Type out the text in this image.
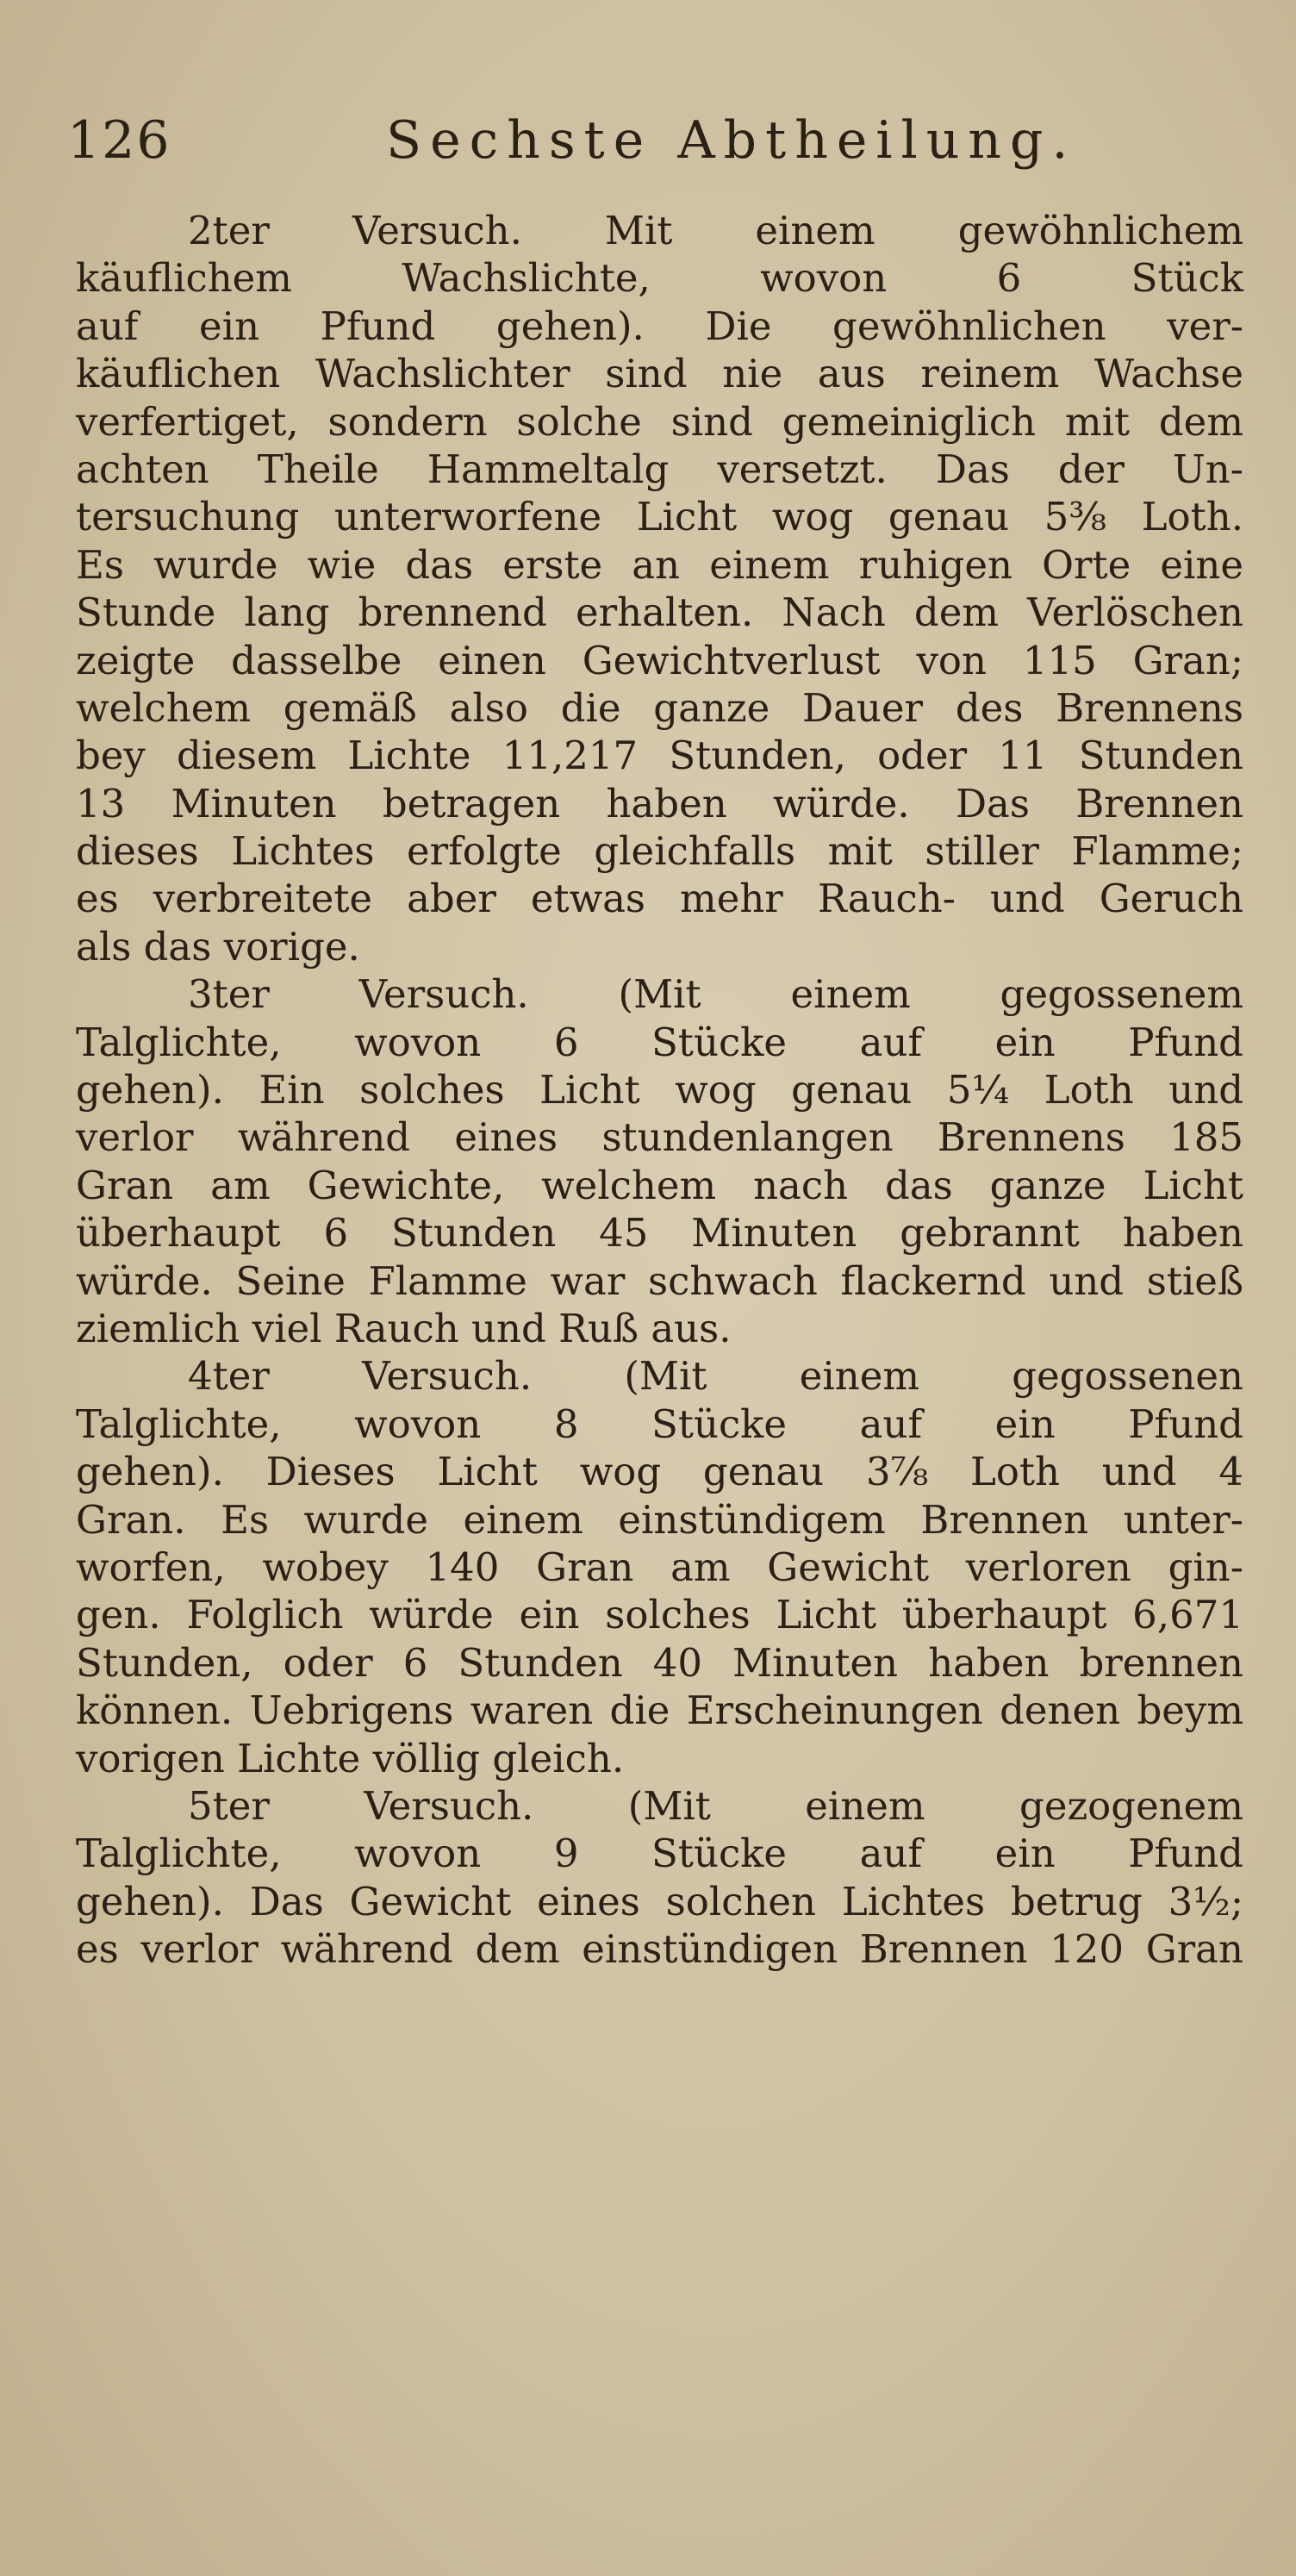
126	Sechste Abtheilung.
2ter Versuch. Mit einem gewöhnlichem
käuflichem Wachslichte, wovon 6 Stück
auf ein Pfund gehen). Die gewöhnlichen ver-
käuflichen Wachslichter sind nie aus reinem Wachse
verfertiget, sondern solche sind gemeiniglich mit dem
achten Theile Hammeltalg versetzt. Das der Un-
tersuchung unterworfene Licht wog genau 5⅜ Loth.
Es wurde wie das erste an einem ruhigen Orte eine
Stunde lang brennend erhalten. Nach dem Verlöschen
zeigte dasselbe einen Gewichtverlust von 115 Gran;
welchem gemäß also die ganze Dauer des Brennens
bey diesem Lichte 11,217 Stunden, oder 11 Stunden
13 Minuten betragen haben würde. Das Brennen
dieses Lichtes erfolgte gleichfalls mit stiller Flamme;
es verbreitete aber etwas mehr Rauch- und Geruch
als das vorige.
3ter Versuch. (Mit einem gegossenem
Talglichte, wovon 6 Stücke auf ein Pfund
gehen). Ein solches Licht wog genau 5¼ Loth und
verlor während eines stundenlangen Brennens 185
Gran am Gewichte, welchem nach das ganze Licht
überhaupt 6 Stunden 45 Minuten gebrannt haben
würde. Seine Flamme war schwach flackernd und stieß
ziemlich viel Rauch und Ruß aus.
4ter Versuch. (Mit einem gegossenen
Talglichte, wovon 8 Stücke auf ein Pfund
gehen). Dieses Licht wog genau 3⅞ Loth und 4
Gran. Es wurde einem einstündigem Brennen unter-
worfen, wobey 140 Gran am Gewicht verloren gin-
gen. Folglich würde ein solches Licht überhaupt 6,671
Stunden, oder 6 Stunden 40 Minuten haben brennen
können. Uebrigens waren die Erscheinungen denen beym
vorigen Lichte völlig gleich.
5ter Versuch. (Mit einem gezogenem
Talglichte, wovon 9 Stücke auf ein Pfund
gehen). Das Gewicht eines solchen Lichtes betrug 3½;
es verlor während dem einstündigen Brennen 120 Gran
